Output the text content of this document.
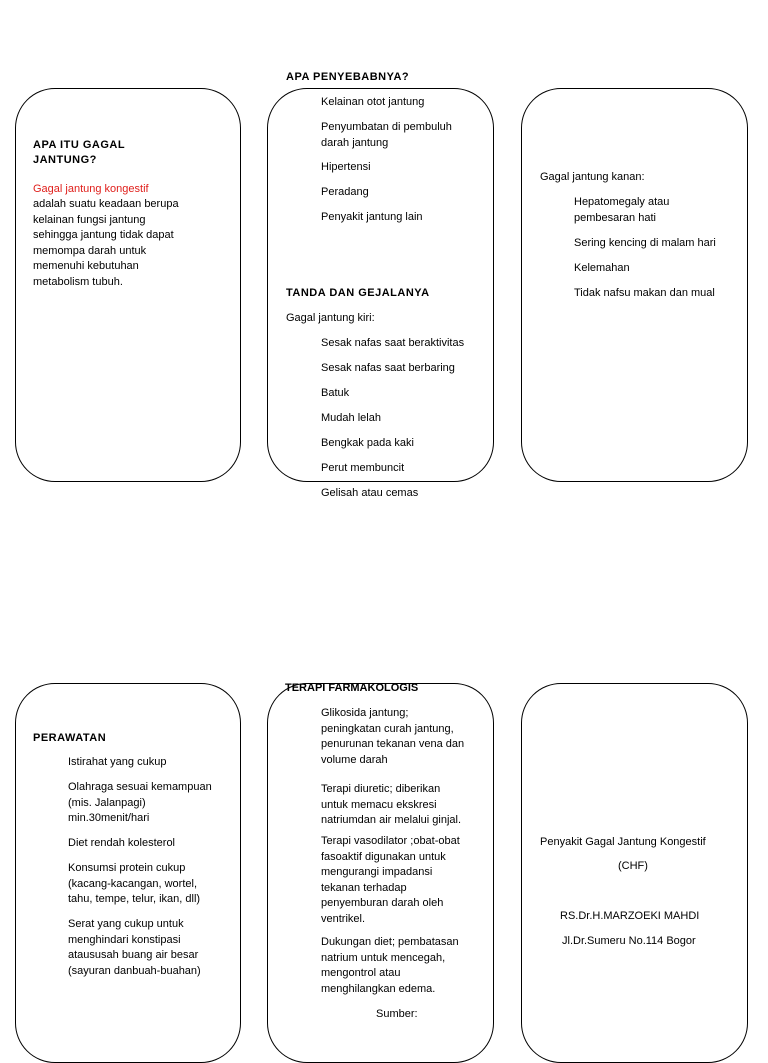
APA ITU GAGAL
JANTUNG?
Gagal jantung kongestif
adalah suatu keadaan berupa
kelainan fungsi jantung
sehingga jantung tidak dapat
memompa darah untuk
memenuhi kebutuhan
metabolism tubuh.
APA PENYEBABNYA?
Kelainan otot jantung
Penyumbatan di pembuluh
darah jantung
Hipertensi
Peradang
Penyakit jantung lain
TANDA DAN GEJALANYA
Gagal jantung kiri:
Sesak nafas saat beraktivitas
Sesak nafas saat berbaring
Batuk
Mudah lelah
Bengkak pada kaki
Perut membuncit
Gelisah atau cemas
Gagal jantung kanan:
Hepatomegaly atau
pembesaran hati
Sering kencing di malam hari
Kelemahan
Tidak nafsu makan dan mual
PERAWATAN
Istirahat yang cukup
Olahraga sesuai kemampuan
(mis. Jalanpagi)
min.30menit/hari
Diet rendah kolesterol
Konsumsi protein cukup
(kacang-kacangan, wortel,
tahu, tempe, telur, ikan, dll)
Serat yang cukup untuk
menghindari konstipasi
ataususah buang air besar
(sayuran danbuah-buahan)
TERAPI FARMAKOLOGIS
Glikosida jantung;
peningkatan curah jantung,
penurunan tekanan vena dan
volume darah
Terapi diuretic; diberikan
untuk memacu ekskresi
natriumdan air melalui ginjal.
Terapi vasodilator ;obat-obat
fasoaktif digunakan untuk
mengurangi impadansi
tekanan terhadap
penyemburan darah oleh
ventrikel.
Dukungan diet; pembatasan
natrium untuk mencegah,
mengontrol atau
menghilangkan edema.
Sumber:
Penyakit Gagal Jantung Kongestif
(CHF)
RS.Dr.H.MARZOEKI MAHDI
Jl.Dr.Sumeru No.114 Bogor
